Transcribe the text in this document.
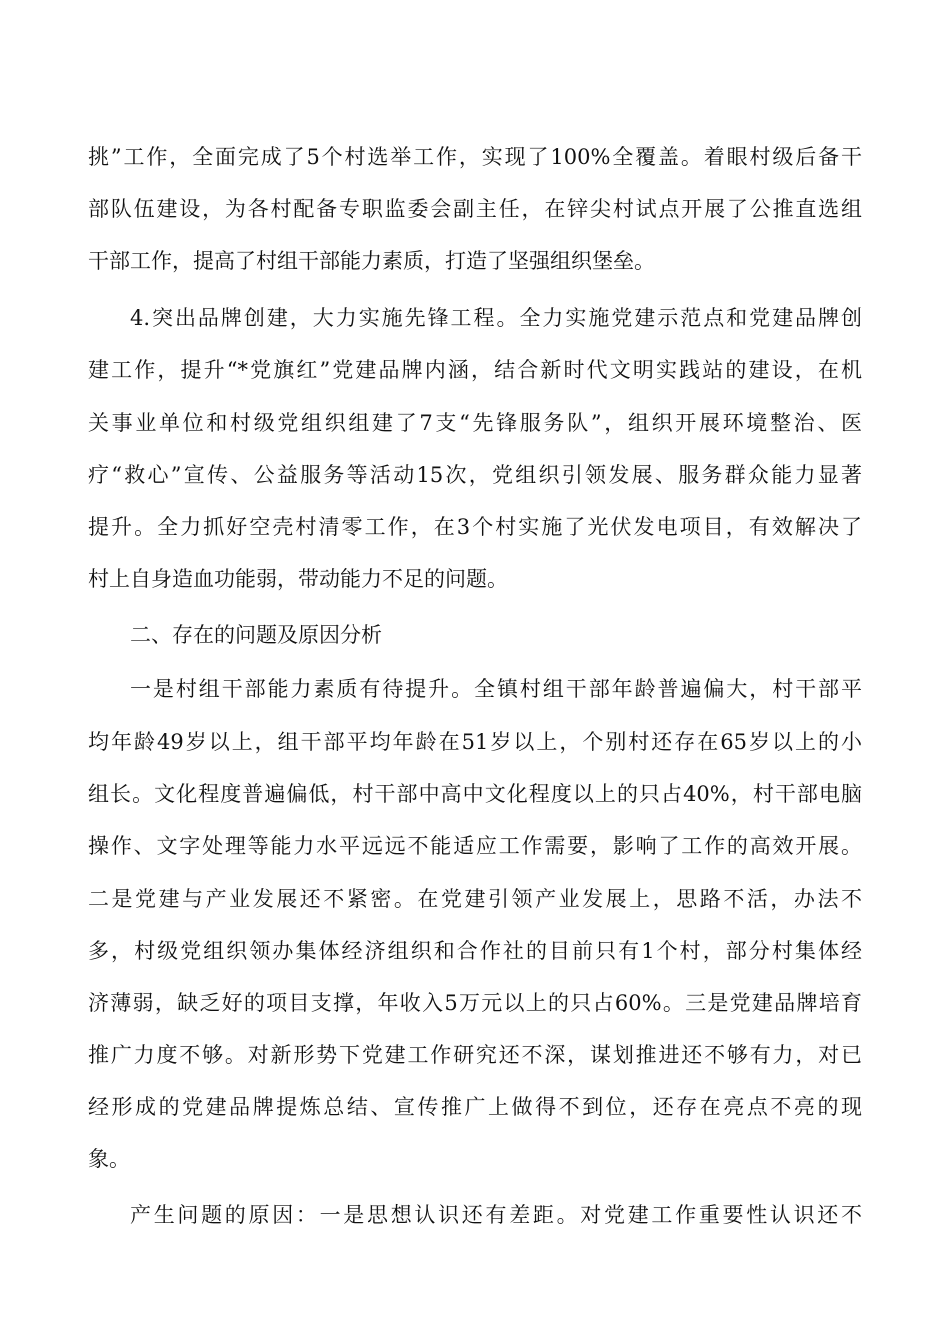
挑”工作，全面完成了5个村选举工作，实现了100%全覆盖。着眼村级后备干
部队伍建设，为各村配备专职监委会副主任，在锌尖村试点开展了公推直选组
干部工作，提高了村组干部能力素质，打造了坚强组织堡垒。
4.突出品牌创建，大力实施先锋工程。全力实施党建示范点和党建品牌创
建工作，提升“*党旗红”党建品牌内涵，结合新时代文明实践站的建设，在机
关事业单位和村级党组织组建了7支“先锋服务队”，组织开展环境整治、医
疗“救心”宣传、公益服务等活动15次，党组织引领发展、服务群众能力显著
提升。全力抓好空壳村清零工作，在3个村实施了光伏发电项目，有效解决了
村上自身造血功能弱，带动能力不足的问题。
二、存在的问题及原因分析
一是村组干部能力素质有待提升。全镇村组干部年龄普遍偏大，村干部平
均年龄49岁以上，组干部平均年龄在51岁以上，个别村还存在65岁以上的小
组长。文化程度普遍偏低，村干部中高中文化程度以上的只占40%，村干部电脑
操作、文字处理等能力水平远远不能适应工作需要，影响了工作的高效开展。
二是党建与产业发展还不紧密。在党建引领产业发展上，思路不活，办法不
多，村级党组织领办集体经济组织和合作社的目前只有1个村，部分村集体经
济薄弱，缺乏好的项目支撑，年收入5万元以上的只占60%。三是党建品牌培育
推广力度不够。对新形势下党建工作研究还不深，谋划推进还不够有力，对已
经形成的党建品牌提炼总结、宣传推广上做得不到位，还存在亮点不亮的现
象。
产生问题的原因：一是思想认识还有差距。对党建工作重要性认识还不
